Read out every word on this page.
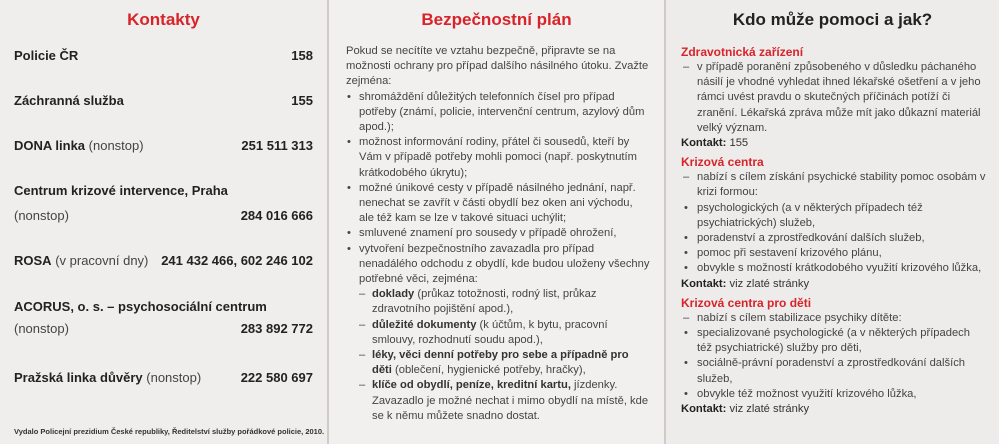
Kontakty
Policie ČR	158
Záchranná služba	155
DONA linka (nonstop)	251 511 313
Centrum krizové intervence, Praha
(nonstop)	284 016 666
ROSA (v pracovní dny) 241 432 466, 602 246 102
ACORUS, o. s. – psychosociální centrum
(nonstop)	283 892 772
Pražská linka důvěry (nonstop)	222 580 697
Vydalo Policejní prezidium České republiky, Ředitelství služby pořádkové policie, 2010.
Bezpečnostní plán

Pokud se necítíte ve vztahu bezpečně, připravte se na možnosti ochrany pro případ dalšího násilného útoku. Zvažte zejména:

• shromáždění důležitých telefonních čísel pro případ potřeby (známí, policie, intervenční centrum, azylový dům apod.);
• možnost informování rodiny, přátel či sousedů, kteří by Vám v případě potřeby mohli pomoci (např. poskytnutím krátkodobého úkrytu);
• možné únikové cesty v případě násilného jednání, např. nenechat se zavřít v části obydlí bez oken ani východu, ale též kam se lze v takové situaci uchýlit;
• smluvené znamení pro sousedy v případě ohrožení,
• vytvoření bezpečnostního zavazadla pro případ nenadálého odchodu z obydlí, kde budou uloženy všechny potřebné věci, zejména:
– doklady (průkaz totožnosti, rodný list, průkaz zdravotního pojištění apod.),
– důležité dokumenty (k účtům, k bytu, pracovní smlouvy, rozhodnutí soudu apod.),
– léky, věci denní potřeby pro sebe a případně pro děti (oblečení, hygienické potřeby, hračky),
– klíče od obydlí, peníze, kreditní kartu, jízdenky. Zavazadlo je možné nechat i mimo obydlí na místě, kde se k němu můžete snadno dostat.
Kdo může pomoci a jak?
Zdravotnická zařízení
– v případě poranění způsobeného v důsledku páchaného násilí je vhodné vyhledat ihned lékařské ošetření a v jeho rámci uvést pravdu o skutečných příčinách potíží či zranění. Lékařská zpráva může mít jako důkazní materiál velký význam.
Kontakt: 155
Krizová centra
– nabízí s cílem získání psychické stability pomoc osobám v krizi formou:
• psychologických (a v některých případech též psychiatrických) služeb,
• poradenství a zprostředkování dalších služeb,
• pomoc při sestavení krizového plánu,
• obvykle s možností krátkodobého využití krizového lůžka,
Kontakt: viz zlaté stránky
Krizová centra pro děti
– nabízí s cílem stabilizace psychiky dítěte:
• specializované psychologické (a v některých případech též psychiatrické) služby pro děti,
• sociálně-právní poradenství a zprostředkování dalších služeb,
• obvykle též možnost využití krizového lůžka,
Kontakt: viz zlaté stránky
